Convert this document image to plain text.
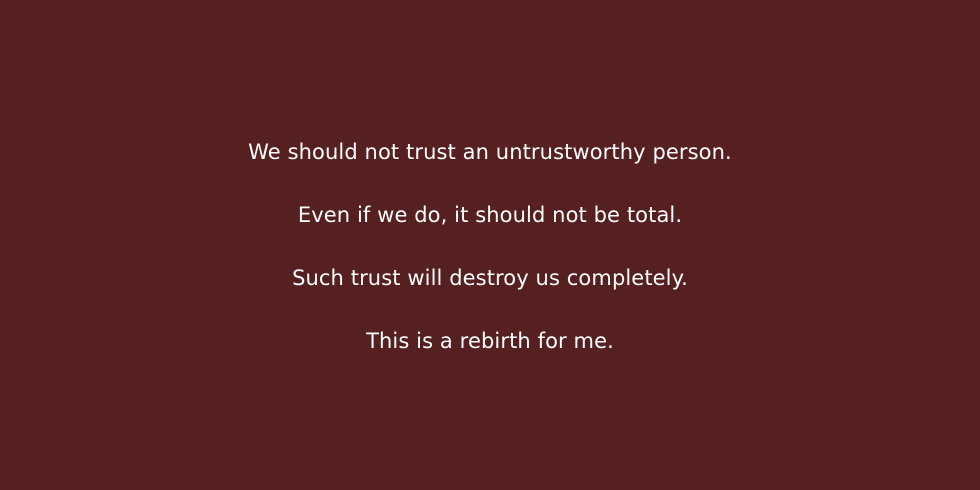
We should not trust an untrustworthy person.
Even if we do, it should not be total.
Such trust will destroy us completely.
This is a rebirth for me.
